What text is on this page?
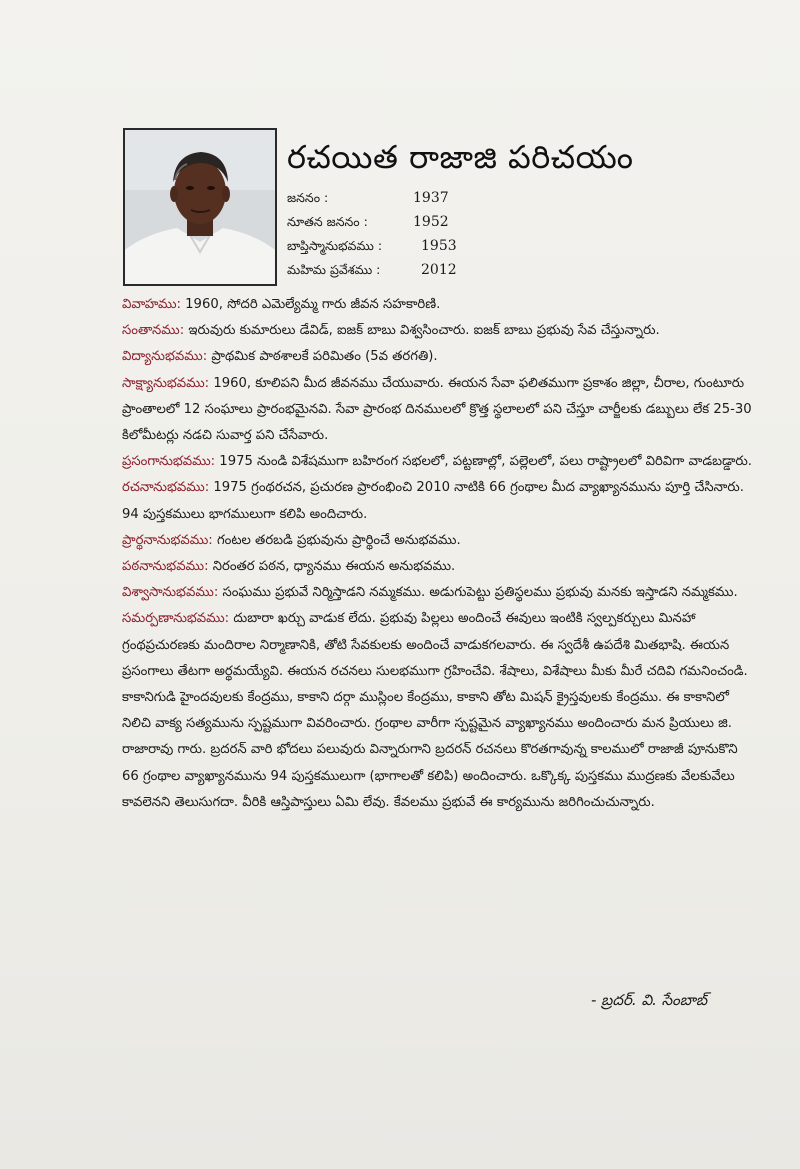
రచయిత రాజాజి పరిచయం
జననం :	1937
నూతన జననం :	1952
బాప్తిస్మానుభవము :	1953
మహిమ ప్రవేశము :	2012

వివాహము: 1960, సోదరి ఎమెల్యేమ్మ గారు జీవన సహకారిణి.

సంతానము: ఇరువురు కుమారులు డేవిడ్, ఐజక్ బాబు విశ్వసించారు. ఐజక్ బాబు ప్రభువు సేవ చేస్తున్నారు.

విద్యానుభవము: ప్రాథమిక పాఠశాలకే పరిమితం (5వ తరగతి).

సాక్ష్యానుభవము: 1960, కూలిపని మీద జీవనము చేయువారు. ఈయన సేవా ఫలితముగా ప్రకాశం జిల్లా, చీరాల, గుంటూరు ప్రాంతాలలో 12 సంఘాలు ప్రారంభమైనవి. సేవా ప్రారంభ దినములలో క్రొత్త స్థలాలలో పని చేస్తూ చార్జీలకు డబ్బులు లేక 25-30 కిలోమీటర్లు నడచి సువార్త పని చేసేవారు.

ప్రసంగానుభవము: 1975 నుండి విశేషముగా బహిరంగ సభలలో, పట్టణాల్లో, పల్లెలలో, పలు రాష్ట్రాలలో విరివిగా వాడబడ్డారు.

రచనానుభవము: 1975 గ్రంథరచన, ప్రచురణ ప్రారంభించి 2010 నాటికి 66 గ్రంథాల మీద వ్యాఖ్యానమును పూర్తి చేసినారు. 94 పుస్తకములు భాగములుగా కలిపి అందిచారు.

ప్రార్థనానుభవము: గంటల తరబడి ప్రభువును ప్రార్థించే అనుభవము.

పఠనానుభవము: నిరంతర పఠన, ధ్యానము ఈయన అనుభవము.

విశ్వాసానుభవము: సంఘము ప్రభువే నిర్మిస్తాడని నమ్మకము. అడుగుపెట్టు ప్రతిస్థలము ప్రభువు మనకు ఇస్తాడని నమ్మకము.

సమర్పణానుభవము: దుబారా ఖర్చు వాడుక లేదు. ప్రభువు పిల్లలు అందించే ఈవులు ఇంటికి స్వల్పకర్చులు మినహా గ్రంథప్రచురణకు మందిరాల నిర్మాణానికి, తోటి సేవకులకు అందించే వాడుకగలవారు. ఈ స్వదేశీ ఉపదేశి మితభాషి. ఈయన ప్రసంగాలు తేటగా అర్థమయ్యేవి. ఈయన రచనలు సులభముగా గ్రహించేవి. శేషాలు, విశేషాలు మీకు మీరే చదివి గమనించండి. కాకానిగుడి హైందవులకు కేంద్రము, కాకాని దర్గా ముస్లింల కేంద్రము, కాకాని తోట మిషన్ క్రైస్తవులకు కేంద్రము. ఈ కాకానిలో నిలిచి వాక్య సత్యమును స్పష్టముగా వివరించారు. గ్రంథాల వారీగా స్పష్టమైన వ్యాఖ్యానము అందించారు మన ప్రియులు జి. రాజారావు గారు. బ్రదరన్ వారి భోదలు పలువురు విన్నారుగాని బ్రదరన్ రచనలు కొరతగావున్న కాలములో రాజాజీ పూనుకొని 66 గ్రంథాల వ్యాఖ్యానమును 94 పుస్తకములుగా (భాగాలతో కలిపి) అందించారు. ఒక్కొక్క పుస్తకము ముద్రణకు వేలకువేలు కావలెనని తెలుసుగదా. వీరికి ఆస్తిపాస్తులు ఏమి లేవు. కేవలము ప్రభువే ఈ కార్యమును జరిగించుచున్నారు.

- బ్రదర్. వి. సేంబాబ్
